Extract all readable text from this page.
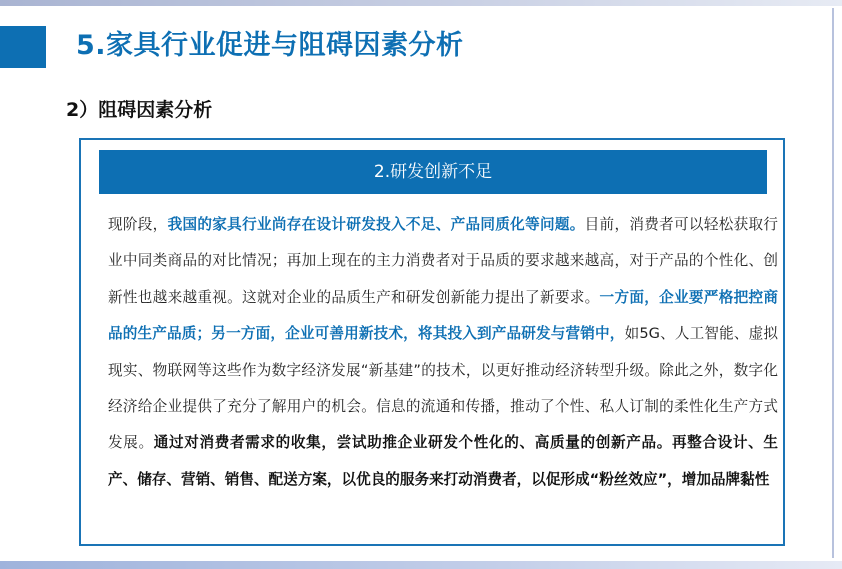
5.家具行业促进与阻碍因素分析
2）阻碍因素分析
2.研发创新不足

现阶段，我国的家具行业尚存在设计研发投入不足、产品同质化等问题。目前，消费者可以轻松获取行业中同类商品的对比情况；再加上现在的主力消费者对于品质的要求越来越高，对于产品的个性化、创新性也越来越重视。这就对企业的品质生产和研发创新能力提出了新要求。一方面，企业要严格把控商品的生产品质；另一方面，企业可善用新技术，将其投入到产品研发与营销中，如5G、人工智能、虚拟现实、物联网等这些作为数字经济发展“新基建”的技术，以更好推动经济转型升级。除此之外，数字化经济给企业提供了充分了解用户的机会。信息的流通和传播，推动了个性、私人订制的柔性化生产方式发展。通过对消费者需求的收集，尝试助推企业研发个性化的、高质量的创新产品。再整合设计、生产、储存、营销、销售、配送方案，以优良的服务来打动消费者，以促形成“粉丝效应”，增加品牌黏性
